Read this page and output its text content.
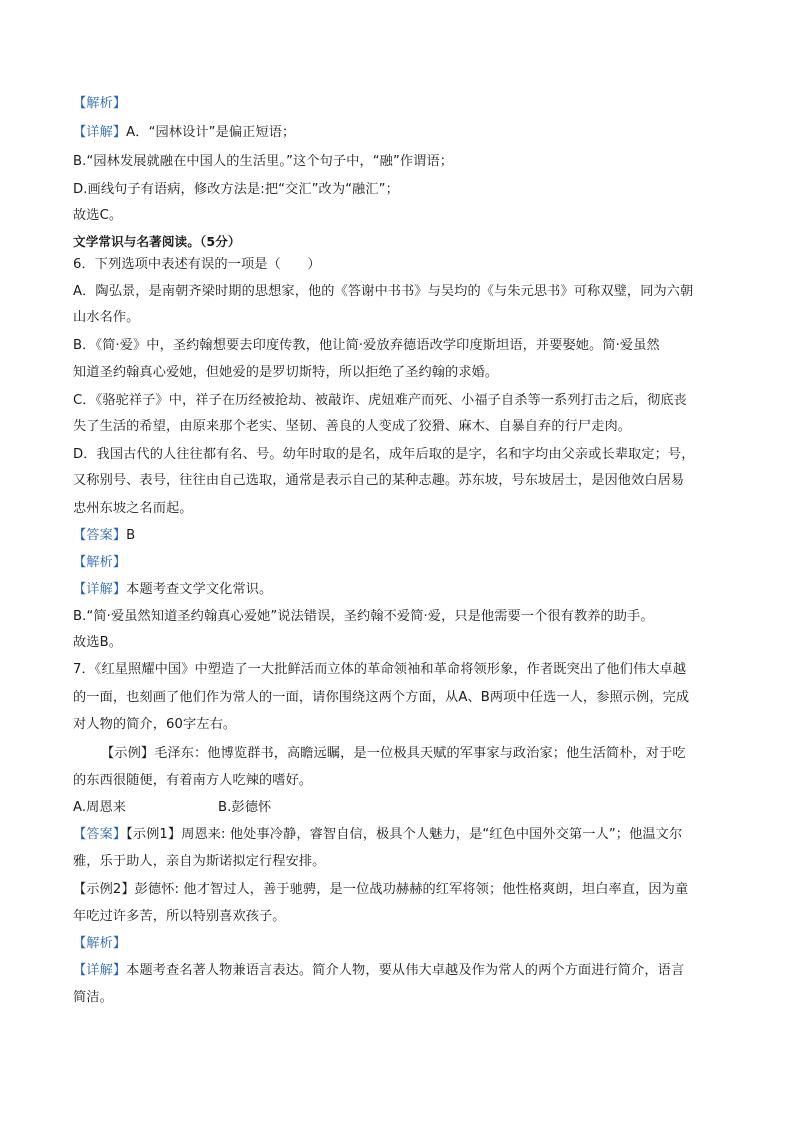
【解析】
【详解】A．“园林设计”是偏正短语；
B.“园林发展就融在中国人的生活里。”这个句子中，“融”作谓语；
D.画线句子有语病，修改方法是:把“交汇”改为“融汇”；
故选C。
文学常识与名著阅读。（5分）
6．下列选项中表述有误的一项是（　　）
A．陶弘景，是南朝齐梁时期的思想家，他的《答谢中书书》与吴均的《与朱元思书》可称双璧，同为六朝
山水名作。
B．《简·爱》中，圣约翰想要去印度传教，他让简·爱放弃德语改学印度斯坦语，并要娶她。简·爱虽然
知道圣约翰真心爱她，但她爱的是罗切斯特，所以拒绝了圣约翰的求婚。
C．《骆驼祥子》中，祥子在历经被抢劫、被敲诈、虎妞难产而死、小福子自杀等一系列打击之后，彻底丧
失了生活的希望，由原来那个老实、坚韧、善良的人变成了狡猾、麻木、自暴自弃的行尸走肉。
D．我国古代的人往往都有名、号。幼年时取的是名，成年后取的是字，名和字均由父亲或长辈取定；号，
又称别号、表号，往往由自己选取，通常是表示自己的某种志趣。苏东坡，号东坡居士，是因他效白居易
忠州东坡之名而起。
【答案】B
【解析】
【详解】本题考查文学文化常识。
B.“简·爱虽然知道圣约翰真心爱她”说法错误，圣约翰不爱简·爱，只是他需要一个很有教养的助手。
故选B。
7．《红星照耀中国》中塑造了一大批鲜活而立体的革命领袖和革命将领形象，作者既突出了他们伟大卓越
的一面，也刻画了他们作为常人的一面，请你围绕这两个方面，从A、B两项中任选一人，参照示例，完成
对人物的简介，60字左右。
【示例】毛泽东：他博览群书，高瞻远瞩，是一位极具天赋的军事家与政治家；他生活简朴，对于吃
的东西很随便，有着南方人吃辣的嗜好。
A.周恩来	B.彭德怀
【答案】【示例1】周恩来: 他处事冷静，睿智自信，极具个人魅力，是“红色中国外交第一人”；他温文尔
雅，乐于助人，亲自为斯诺拟定行程安排。
【示例2】彭德怀: 他才智过人，善于驰骋，是一位战功赫赫的红军将领；他性格爽朗，坦白率直，因为童
年吃过许多苦，所以特别喜欢孩子。
【解析】
【详解】本题考查名著人物兼语言表达。简介人物，要从伟大卓越及作为常人的两个方面进行简介，语言
简洁。
